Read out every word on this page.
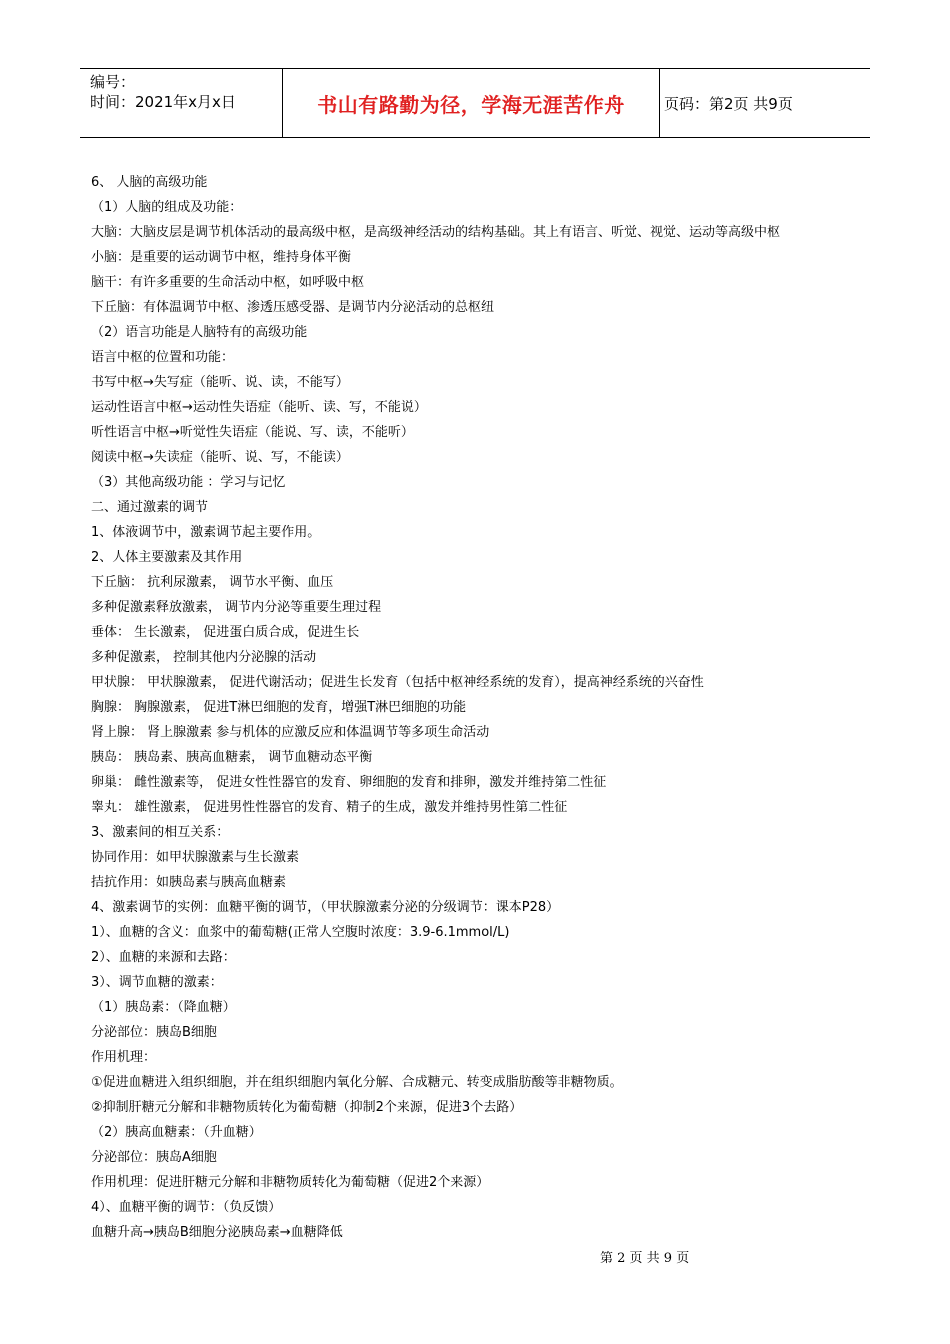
编号：
时间：2021年x月x日	书山有路勤为径，学海无涯苦作舟	页码：第2页 共9页
6、 人脑的高级功能
（1）人脑的组成及功能：
大脑：大脑皮层是调节机体活动的最高级中枢，是高级神经活动的结构基础。其上有语言、听觉、视觉、运动等高级中枢
小脑：是重要的运动调节中枢，维持身体平衡
脑干：有许多重要的生命活动中枢，如呼吸中枢
下丘脑：有体温调节中枢、渗透压感受器、是调节内分泌活动的总枢纽
（2）语言功能是人脑特有的高级功能
语言中枢的位置和功能：
书写中枢→失写症（能听、说、读，不能写）
运动性语言中枢→运动性失语症（能听、读、写，不能说）
听性语言中枢→听觉性失语症（能说、写、读，不能听）
阅读中枢→失读症（能听、说、写，不能读）
（3）其他高级功能 ：学习与记忆
二、通过激素的调节
1、体液调节中，激素调节起主要作用。
2、人体主要激素及其作用
下丘脑： 抗利尿激素， 调节水平衡、血压
多种促激素释放激素， 调节内分泌等重要生理过程
垂体： 生长激素， 促进蛋白质合成，促进生长
多种促激素， 控制其他内分泌腺的活动
甲状腺： 甲状腺激素， 促进代谢活动；促进生长发育（包括中枢神经系统的发育），提高神经系统的兴奋性
胸腺： 胸腺激素， 促进T淋巴细胞的发育，增强T淋巴细胞的功能
肾上腺： 肾上腺激素 参与机体的应激反应和体温调节等多项生命活动
胰岛： 胰岛素、胰高血糖素， 调节血糖动态平衡
卵巢： 雌性激素等， 促进女性性器官的发育、卵细胞的发育和排卵，激发并维持第二性征
睾丸： 雄性激素， 促进男性性器官的发育、精子的生成，激发并维持男性第二性征
3、激素间的相互关系：
协同作用：如甲状腺激素与生长激素
拮抗作用：如胰岛素与胰高血糖素
4、激素调节的实例：血糖平衡的调节，（甲状腺激素分泌的分级调节：课本P28）
1）、血糖的含义：血浆中的葡萄糖(正常人空腹时浓度：3.9-6.1mmol/L)
2）、血糖的来源和去路：
3）、调节血糖的激素：
（1）胰岛素：（降血糖）
分泌部位：胰岛B细胞
作用机理：
①促进血糖进入组织细胞，并在组织细胞内氧化分解、合成糖元、转变成脂肪酸等非糖物质。
②抑制肝糖元分解和非糖物质转化为葡萄糖（抑制2个来源，促进3个去路）
（2）胰高血糖素：（升血糖）
分泌部位：胰岛A细胞
作用机理：促进肝糖元分解和非糖物质转化为葡萄糖（促进2个来源）
4）、血糖平衡的调节：（负反馈）
血糖升高→胰岛B细胞分泌胰岛素→血糖降低
第 2 页 共 9 页
